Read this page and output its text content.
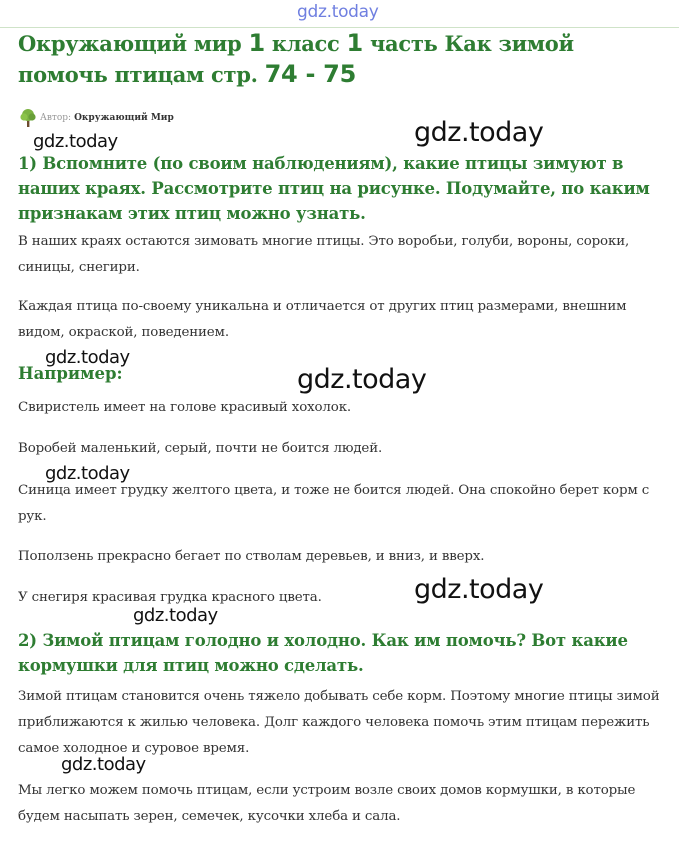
gdz.today
Окружающий мир 1 класс 1 часть Как зимой помочь птицам стр. 74 - 75
Автор: Окружающий Мир
gdz.today	gdz.today
1) Вспомните (по своим наблюдениям), какие птицы зимуют в наших краях. Рассмотрите птиц на рисунке. Подумайте, по каким признакам этих птиц можно узнать.

В наших краях остаются зимовать многие птицы. Это воробьи, голуби, вороны, сороки, синицы, снегири.

Каждая птица по-своему уникальна и отличается от других птиц размерами, внешним видом, окраской, поведением.

gdz.today
gdz.today
Например:

Свиристель имеет на голове красивый хохолок.

Воробей маленький, серый, почти не боится людей.

gdz.today

Синица имеет грудку желтого цвета, и тоже не боится людей. Она спокойно берет корм с рук.

Поползень прекрасно бегает по стволам деревьев, и вниз, и вверх.

gdz.today

У снегиря красивая грудка красного цвета.

gdz.today
2) Зимой птицам голодно и холодно. Как им помочь? Вот какие кормушки для птиц можно сделать.

Зимой птицам становится очень тяжело добывать себе корм. Поэтому многие птицы зимой приближаются к жилью человека. Долг каждого человека помочь этим птицам пережить самое холодное и суровое время.

gdz.today

Мы легко можем помочь птицам, если устроим возле своих домов кормушки, в которые будем насыпать зерен, семечек, кусочки хлеба и сала.
